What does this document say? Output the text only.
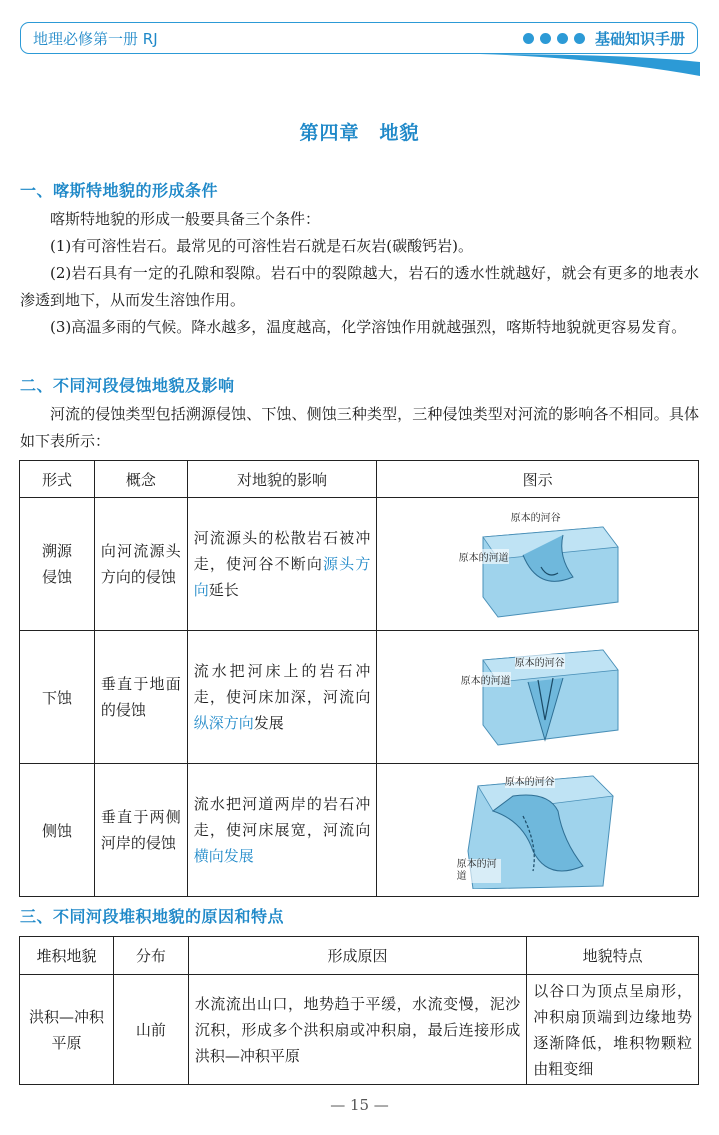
地理必修第一册 RJ	基础知识手册
第四章　地貌
一、喀斯特地貌的形成条件
喀斯特地貌的形成一般要具备三个条件：
(1)有可溶性岩石。最常见的可溶性岩石就是石灰岩(碳酸钙岩)。
(2)岩石具有一定的孔隙和裂隙。岩石中的裂隙越大，岩石的透水性就越好，就会有更多的地表水渗透到地下，从而发生溶蚀作用。
(3)高温多雨的气候。降水越多，温度越高，化学溶蚀作用就越强烈，喀斯特地貌就更容易发育。
二、不同河段侵蚀地貌及影响
河流的侵蚀类型包括溯源侵蚀、下蚀、侧蚀三种类型，三种侵蚀类型对河流的影响各不相同。具体如下表所示：
形式	概念	对地貌的影响	图示

溯源侵蚀	向河流源头方向的侵蚀	河流源头的松散岩石被冲走，使河谷不断向源头方向延长	原本的河谷
原本的河道

下蚀	垂直于地面的侵蚀	流水把河床上的岩石冲走，使河床加深，河流向纵深方向发展	原本的河谷
原本的河道

侧蚀	垂直于两侧河岸的侵蚀	流水把河道两岸的岩石冲走，使河床展宽，河流向横向发展	原本的河谷
原本的河道
三、不同河段堆积地貌的原因和特点
堆积地貌	分布	形成原因	地貌特点

洪积—冲积平原	山前	水流流出山口，地势趋于平缓，水流变慢，泥沙沉积，形成多个洪积扇或冲积扇，最后连接形成洪积—冲积平原	以谷口为顶点呈扇形，冲积扇顶端到边缘地势逐渐降低，堆积物颗粒由粗变细
— 15 —
